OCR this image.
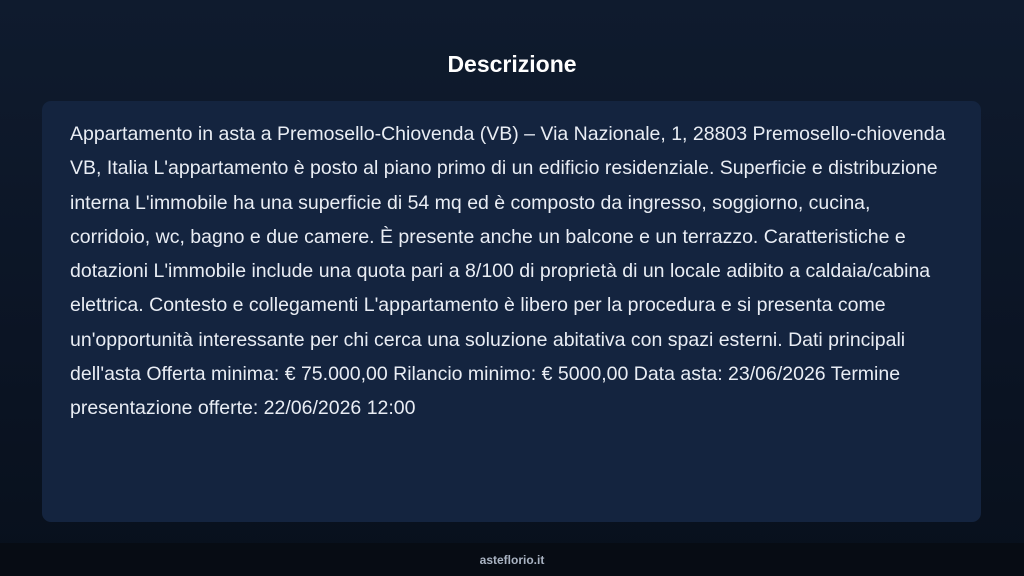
Descrizione

Appartamento in asta a Premosello-Chiovenda (VB) – Via Nazionale, 1, 28803 Premosello-chiovenda VB, Italia L'appartamento è posto al piano primo di un edificio residenziale. Superficie e distribuzione interna L'immobile ha una superficie di 54 mq ed è composto da ingresso, soggiorno, cucina, corridoio, wc, bagno e due camere. È presente anche un balcone e un terrazzo. Caratteristiche e dotazioni L'immobile include una quota pari a 8/100 di proprietà di un locale adibito a caldaia/cabina elettrica. Contesto e collegamenti L'appartamento è libero per la procedura e si presenta come un'opportunità interessante per chi cerca una soluzione abitativa con spazi esterni. Dati principali dell'asta Offerta minima: € 75.000,00 Rilancio minimo: € 5000,00 Data asta: 23/06/2026 Termine presentazione offerte: 22/06/2026 12:00

asteflorio.it
